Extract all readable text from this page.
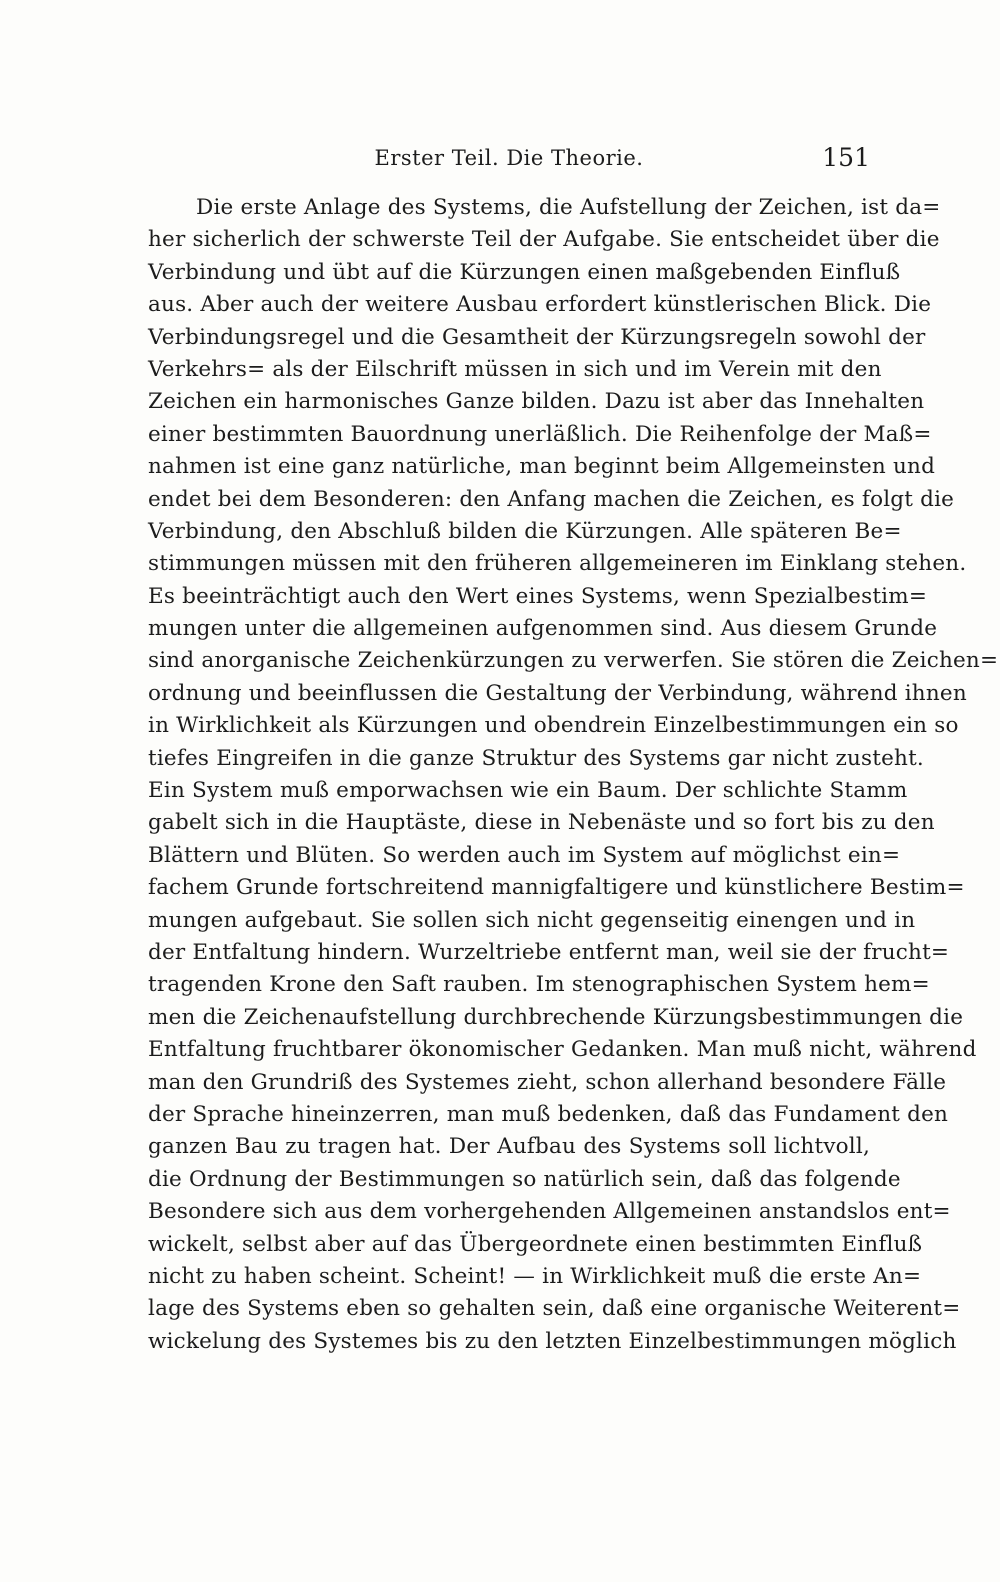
Erster Teil. Die Theorie.	151
Die erste Anlage des Systems, die Aufstellung der Zeichen, ist da=
her sicherlich der schwerste Teil der Aufgabe. Sie entscheidet über die
Verbindung und übt auf die Kürzungen einen maßgebenden Einfluß
aus. Aber auch der weitere Ausbau erfordert künstlerischen Blick. Die
Verbindungsregel und die Gesamtheit der Kürzungsregeln sowohl der
Verkehrs= als der Eilschrift müssen in sich und im Verein mit den
Zeichen ein harmonisches Ganze bilden. Dazu ist aber das Innehalten
einer bestimmten Bauordnung unerläßlich. Die Reihenfolge der Maß=
nahmen ist eine ganz natürliche, man beginnt beim Allgemeinsten und
endet bei dem Besonderen: den Anfang machen die Zeichen, es folgt die
Verbindung, den Abschluß bilden die Kürzungen. Alle späteren Be=
stimmungen müssen mit den früheren allgemeineren im Einklang stehen.
Es beeinträchtigt auch den Wert eines Systems, wenn Spezialbestim=
mungen unter die allgemeinen aufgenommen sind. Aus diesem Grunde
sind anorganische Zeichenkürzungen zu verwerfen. Sie stören die Zeichen=
ordnung und beeinflussen die Gestaltung der Verbindung, während ihnen
in Wirklichkeit als Kürzungen und obendrein Einzelbestimmungen ein so
tiefes Eingreifen in die ganze Struktur des Systems gar nicht zusteht.
Ein System muß emporwachsen wie ein Baum. Der schlichte Stamm
gabelt sich in die Hauptäste, diese in Nebenäste und so fort bis zu den
Blättern und Blüten. So werden auch im System auf möglichst ein=
fachem Grunde fortschreitend mannigfaltigere und künstlichere Bestim=
mungen aufgebaut. Sie sollen sich nicht gegenseitig einengen und in
der Entfaltung hindern. Wurzeltriebe entfernt man, weil sie der frucht=
tragenden Krone den Saft rauben. Im stenographischen System hem=
men die Zeichenaufstellung durchbrechende Kürzungsbestimmungen die
Entfaltung fruchtbarer ökonomischer Gedanken. Man muß nicht, während
man den Grundriß des Systemes zieht, schon allerhand besondere Fälle
der Sprache hineinzerren, man muß bedenken, daß das Fundament den
ganzen Bau zu tragen hat. Der Aufbau des Systems soll lichtvoll,
die Ordnung der Bestimmungen so natürlich sein, daß das folgende
Besondere sich aus dem vorhergehenden Allgemeinen anstandslos ent=
wickelt, selbst aber auf das Übergeordnete einen bestimmten Einfluß
nicht zu haben scheint. Scheint! — in Wirklichkeit muß die erste An=
lage des Systems eben so gehalten sein, daß eine organische Weiterent=
wickelung des Systemes bis zu den letzten Einzelbestimmungen möglich
